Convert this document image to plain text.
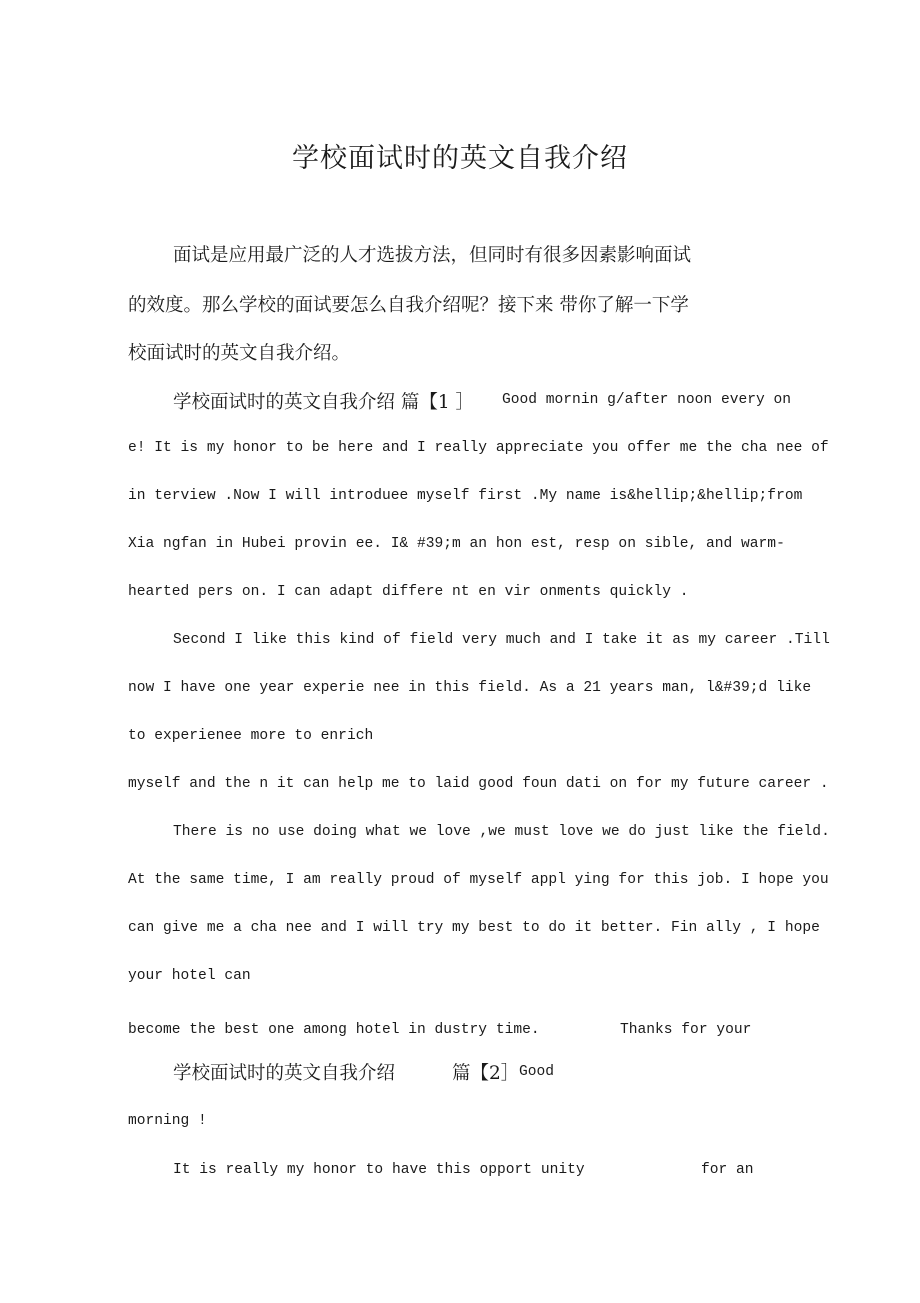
学校面试时的英文自我介绍
面试是应用最广泛的人才选拔方法，但同时有很多因素影响面试
的效度。那么学校的面试要怎么自我介绍呢？接下来 带你了解一下学
校面试时的英文自我介绍。
学校面试时的英文自我介绍 篇【1 ］ Good mornin g/after noon every on
e! It is my honor to be here and I really appreciate you offer me the cha nee of
in terview .Now I will introduee myself first .My name is&hellip;&hellip;from
Xia ngfan in Hubei provin ee. I& #39;m an hon est, resp on sible, and warm-
hearted pers on. I can adapt differe nt en vir onments quickly .
Second I like this kind of field very much and I take it as my career .Till
now I have one year experie nee in this field. As a 21 years man, l&#39;d like
to experienee more to enrich
myself and the n it can help me to laid good foun dati on for my future career .
There is no use doing what we love ,we must love we do just like the field.
At the same time, I am really proud of myself appl ying for this job. I hope you
can give me a cha nee and I will try my best to do it better. Fin ally , I hope
your hotel can
become the best one among hotel in dustry time.	Thanks for your
学校面试时的英文自我介绍	篇【2］ Good
morning !
It is really my honor to have this opport unity	for an
